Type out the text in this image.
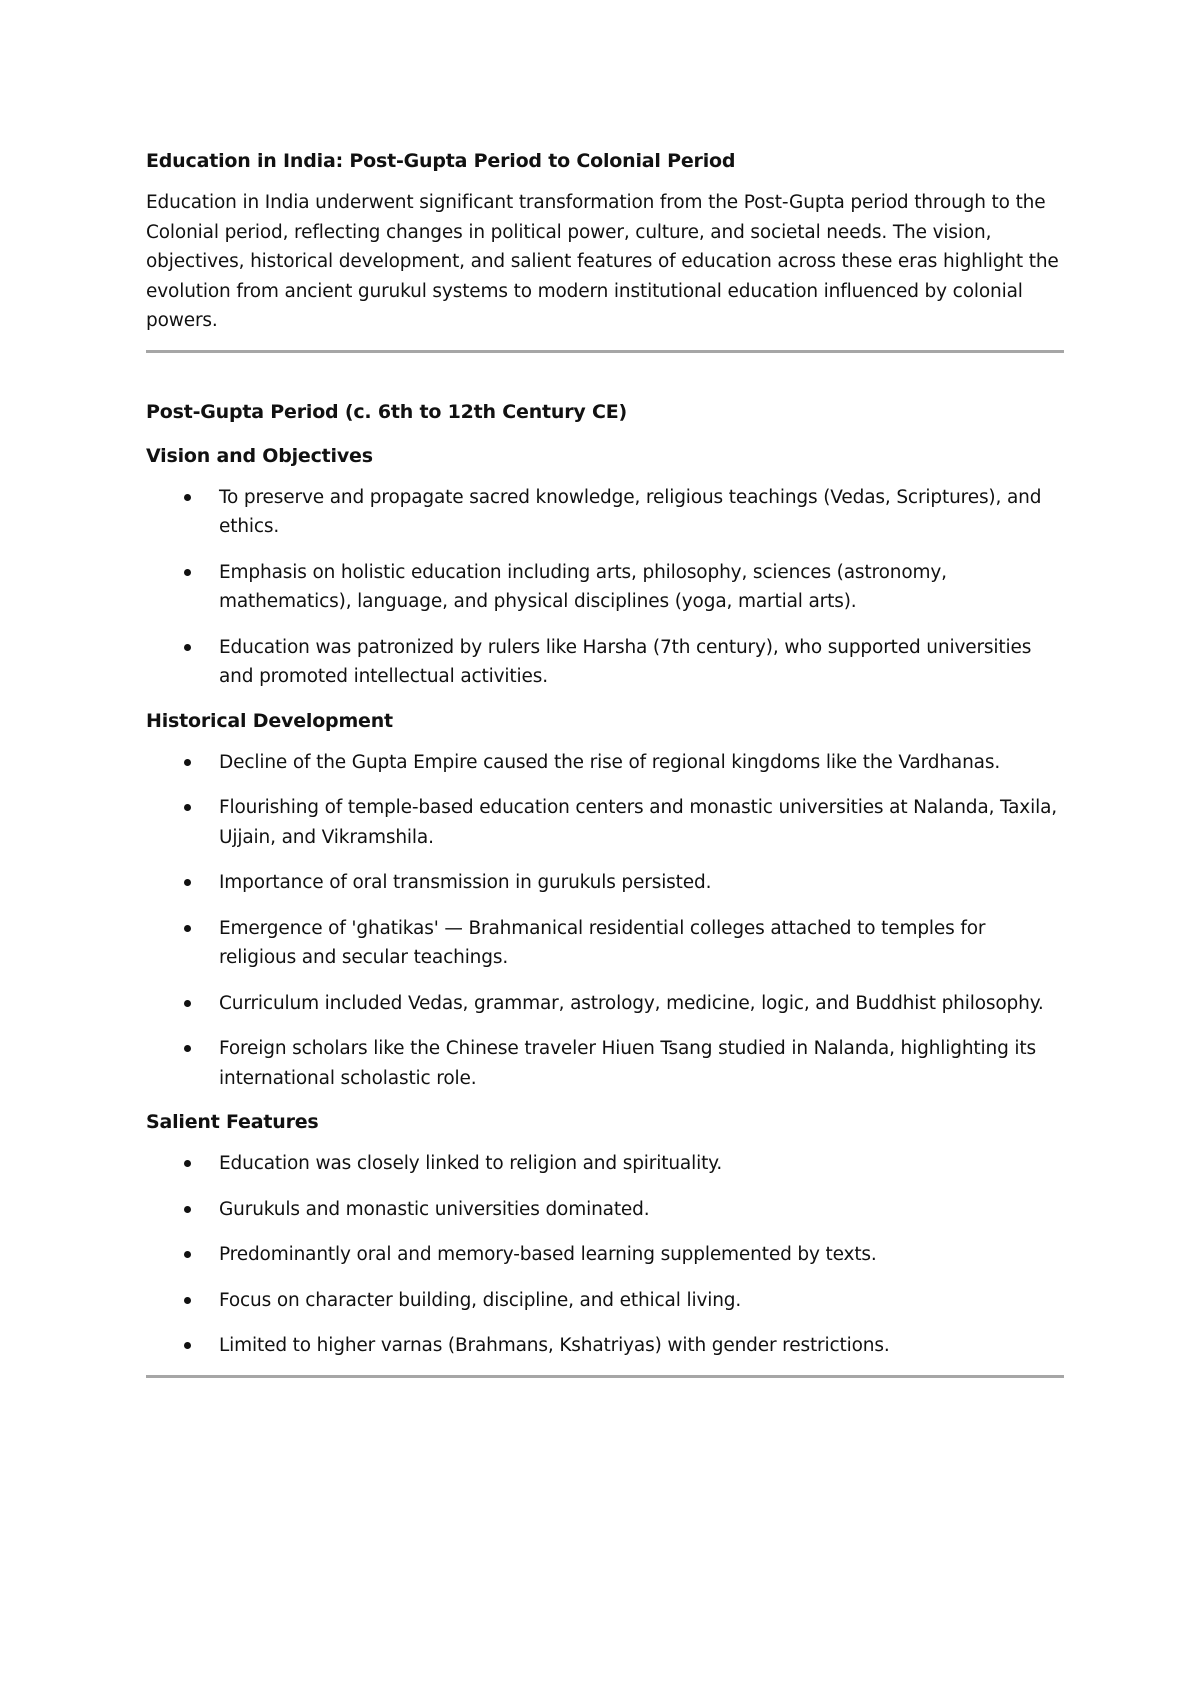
Education in India: Post-Gupta Period to Colonial Period

Education in India underwent significant transformation from the Post-Gupta period through to the Colonial period, reflecting changes in political power, culture, and societal needs. The vision, objectives, historical development, and salient features of education across these eras highlight the evolution from ancient gurukul systems to modern institutional education influenced by colonial powers.

Post-Gupta Period (c. 6th to 12th Century CE)
Vision and Objectives
To preserve and propagate sacred knowledge, religious teachings (Vedas, Scriptures), and ethics.
Emphasis on holistic education including arts, philosophy, sciences (astronomy, mathematics), language, and physical disciplines (yoga, martial arts).
Education was patronized by rulers like Harsha (7th century), who supported universities and promoted intellectual activities.
Historical Development
Decline of the Gupta Empire caused the rise of regional kingdoms like the Vardhanas.
Flourishing of temple-based education centers and monastic universities at Nalanda, Taxila, Ujjain, and Vikramshila.
Importance of oral transmission in gurukuls persisted.
Emergence of 'ghatikas' — Brahmanical residential colleges attached to temples for religious and secular teachings.
Curriculum included Vedas, grammar, astrology, medicine, logic, and Buddhist philosophy.
Foreign scholars like the Chinese traveler Hiuen Tsang studied in Nalanda, highlighting its international scholastic role.
Salient Features
Education was closely linked to religion and spirituality.
Gurukuls and monastic universities dominated.
Predominantly oral and memory-based learning supplemented by texts.
Focus on character building, discipline, and ethical living.
Limited to higher varnas (Brahmans, Kshatriyas) with gender restrictions.
